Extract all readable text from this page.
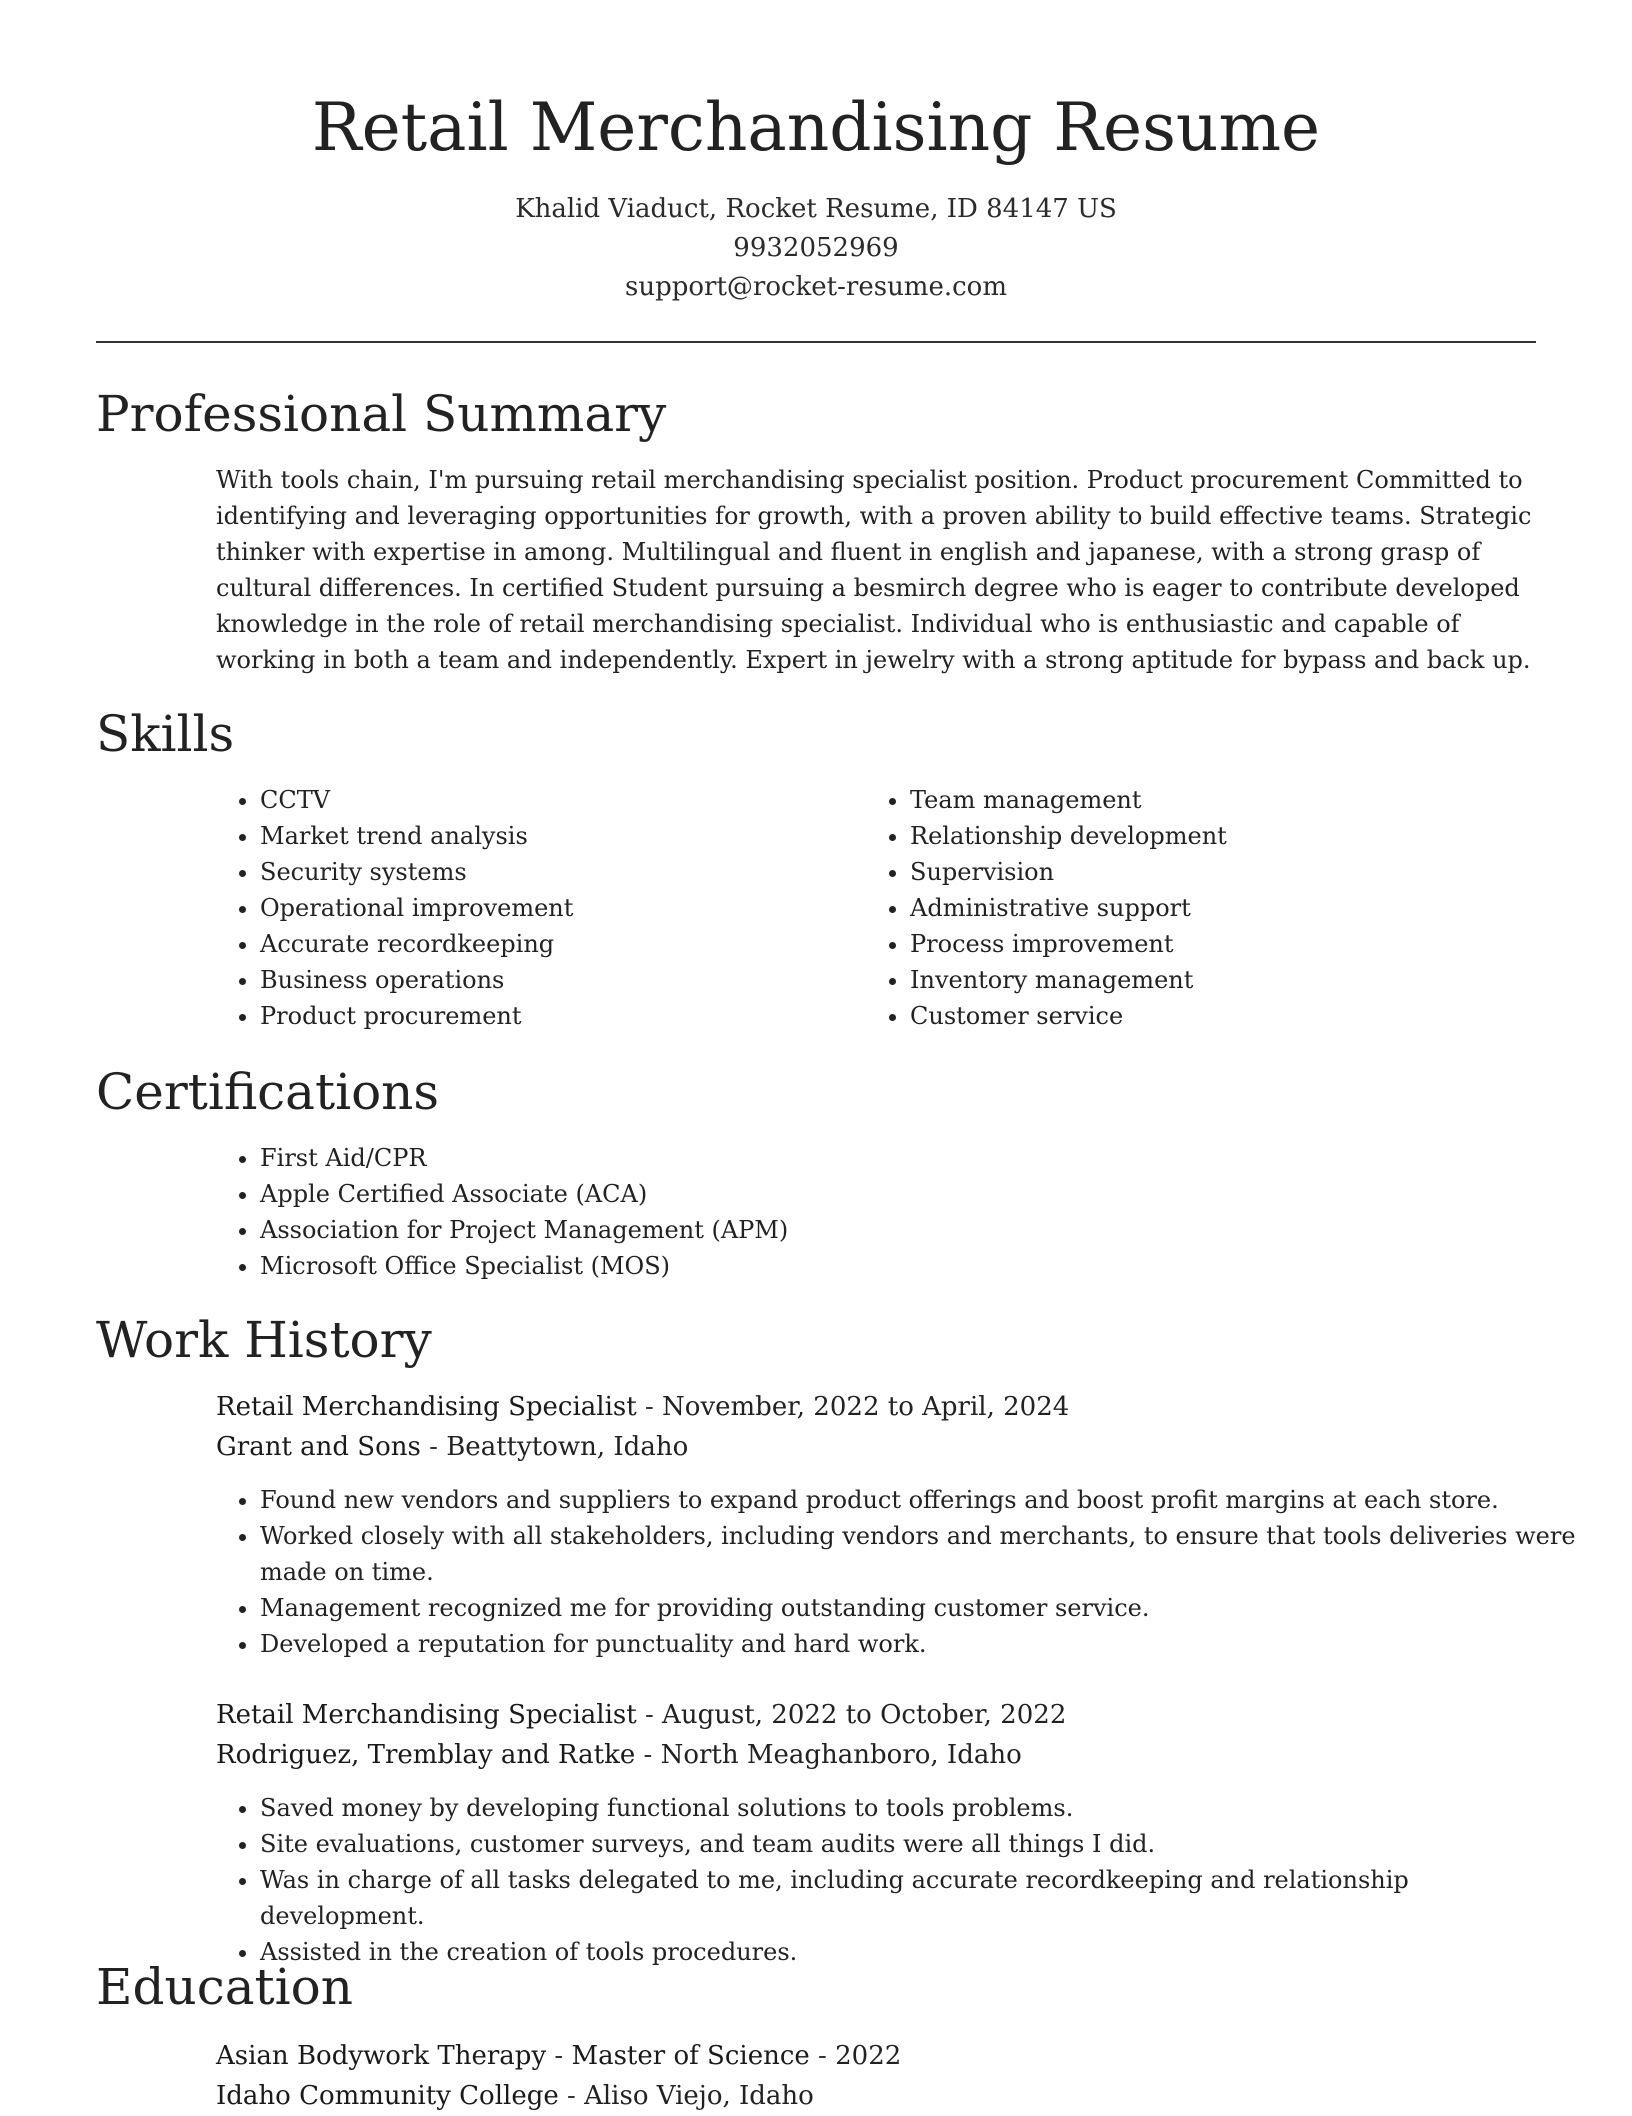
Retail Merchandising Resume
Khalid Viaduct, Rocket Resume, ID 84147 US
9932052969
support@rocket-resume.com
Professional Summary

With tools chain, I'm pursuing retail merchandising specialist position. Product procurement Committed to identifying and leveraging opportunities for growth, with a proven ability to build effective teams. Strategic thinker with expertise in among. Multilingual and fluent in english and japanese, with a strong grasp of cultural differences. In certified Student pursuing a besmirch degree who is eager to contribute developed knowledge in the role of retail merchandising specialist. Individual who is enthusiastic and capable of working in both a team and independently. Expert in jewelry with a strong aptitude for bypass and back up.

Skills
• CCTV
• Market trend analysis
• Security systems
• Operational improvement
• Accurate recordkeeping
• Business operations
• Product procurement
• Team management
• Relationship development
• Supervision
• Administrative support
• Process improvement
• Inventory management
• Customer service
Certifications
• First Aid/CPR
• Apple Certified Associate (ACA)
• Association for Project Management (APM)
• Microsoft Office Specialist (MOS)
Work History
Retail Merchandising Specialist - November, 2022 to April, 2024
Grant and Sons - Beattytown, Idaho
• Found new vendors and suppliers to expand product offerings and boost profit margins at each store.
• Worked closely with all stakeholders, including vendors and merchants, to ensure that tools deliveries were made on time.
• Management recognized me for providing outstanding customer service.
• Developed a reputation for punctuality and hard work.
Retail Merchandising Specialist - August, 2022 to October, 2022
Rodriguez, Tremblay and Ratke - North Meaghanboro, Idaho
• Saved money by developing functional solutions to tools problems.
• Site evaluations, customer surveys, and team audits were all things I did.
• Was in charge of all tasks delegated to me, including accurate recordkeeping and relationship development.
• Assisted in the creation of tools procedures.
Education
Asian Bodywork Therapy - Master of Science - 2022
Idaho Community College - Aliso Viejo, Idaho
